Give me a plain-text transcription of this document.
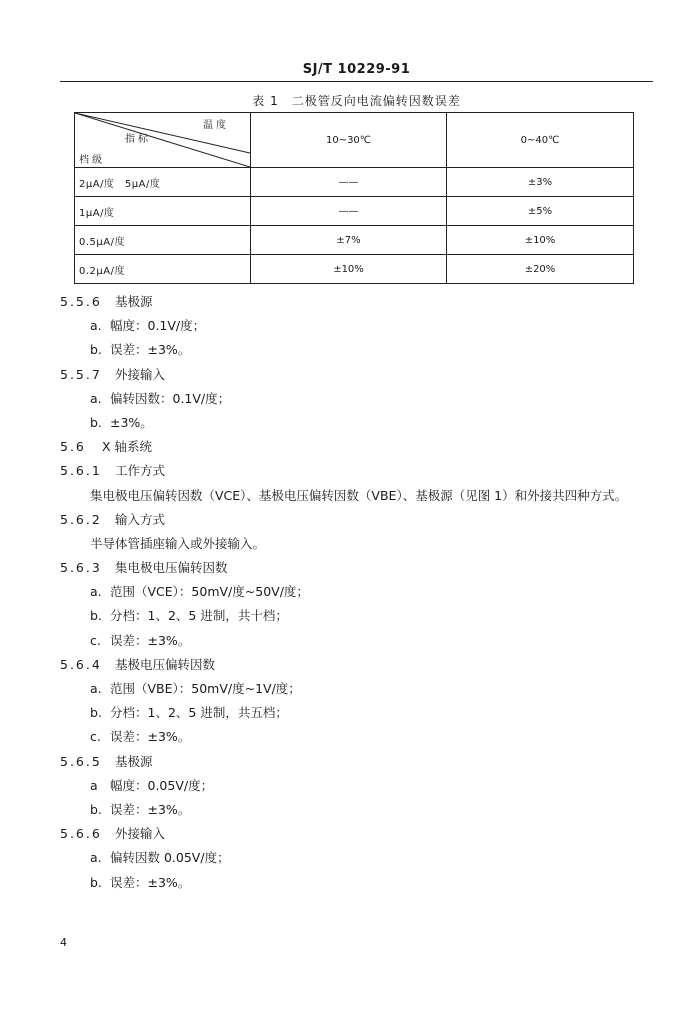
SJ/T 10229-91
表 1　二极管反向电流偏转因数误差
温度
指标
档级	10~30℃	0~40℃
2μA/度　5μA/度	——	±3%
1μA/度	——	±5%
0.5μA/度	±7%	±10%
0.2μA/度	±10%	±20%
5.5.6 基极源
a. 幅度：0.1V/度；
b. 误差：±3%。
5.5.7 外接输入
a. 偏转因数：0.1V/度；
b. ±3%。
5.6 X 轴系统
5.6.1 工作方式
集电极电压偏转因数（VCE）、基极电压偏转因数（VBE）、基极源（见图 1）和外接共四种方式。
5.6.2 输入方式
半导体管插座输入或外接输入。
5.6.3 集电极电压偏转因数
a. 范围（VCE）：50mV/度~50V/度；
b. 分档：1、2、5 进制，共十档；
c. 误差：±3%。
5.6.4 基极电压偏转因数
a. 范围（VBE）：50mV/度~1V/度；
b. 分档：1、2、5 进制，共五档；
c. 误差：±3%。
5.6.5 基极源
a 幅度：0.05V/度；
b. 误差：±3%。
5.6.6 外接输入
a. 偏转因数 0.05V/度；
b. 误差：±3%。
4
